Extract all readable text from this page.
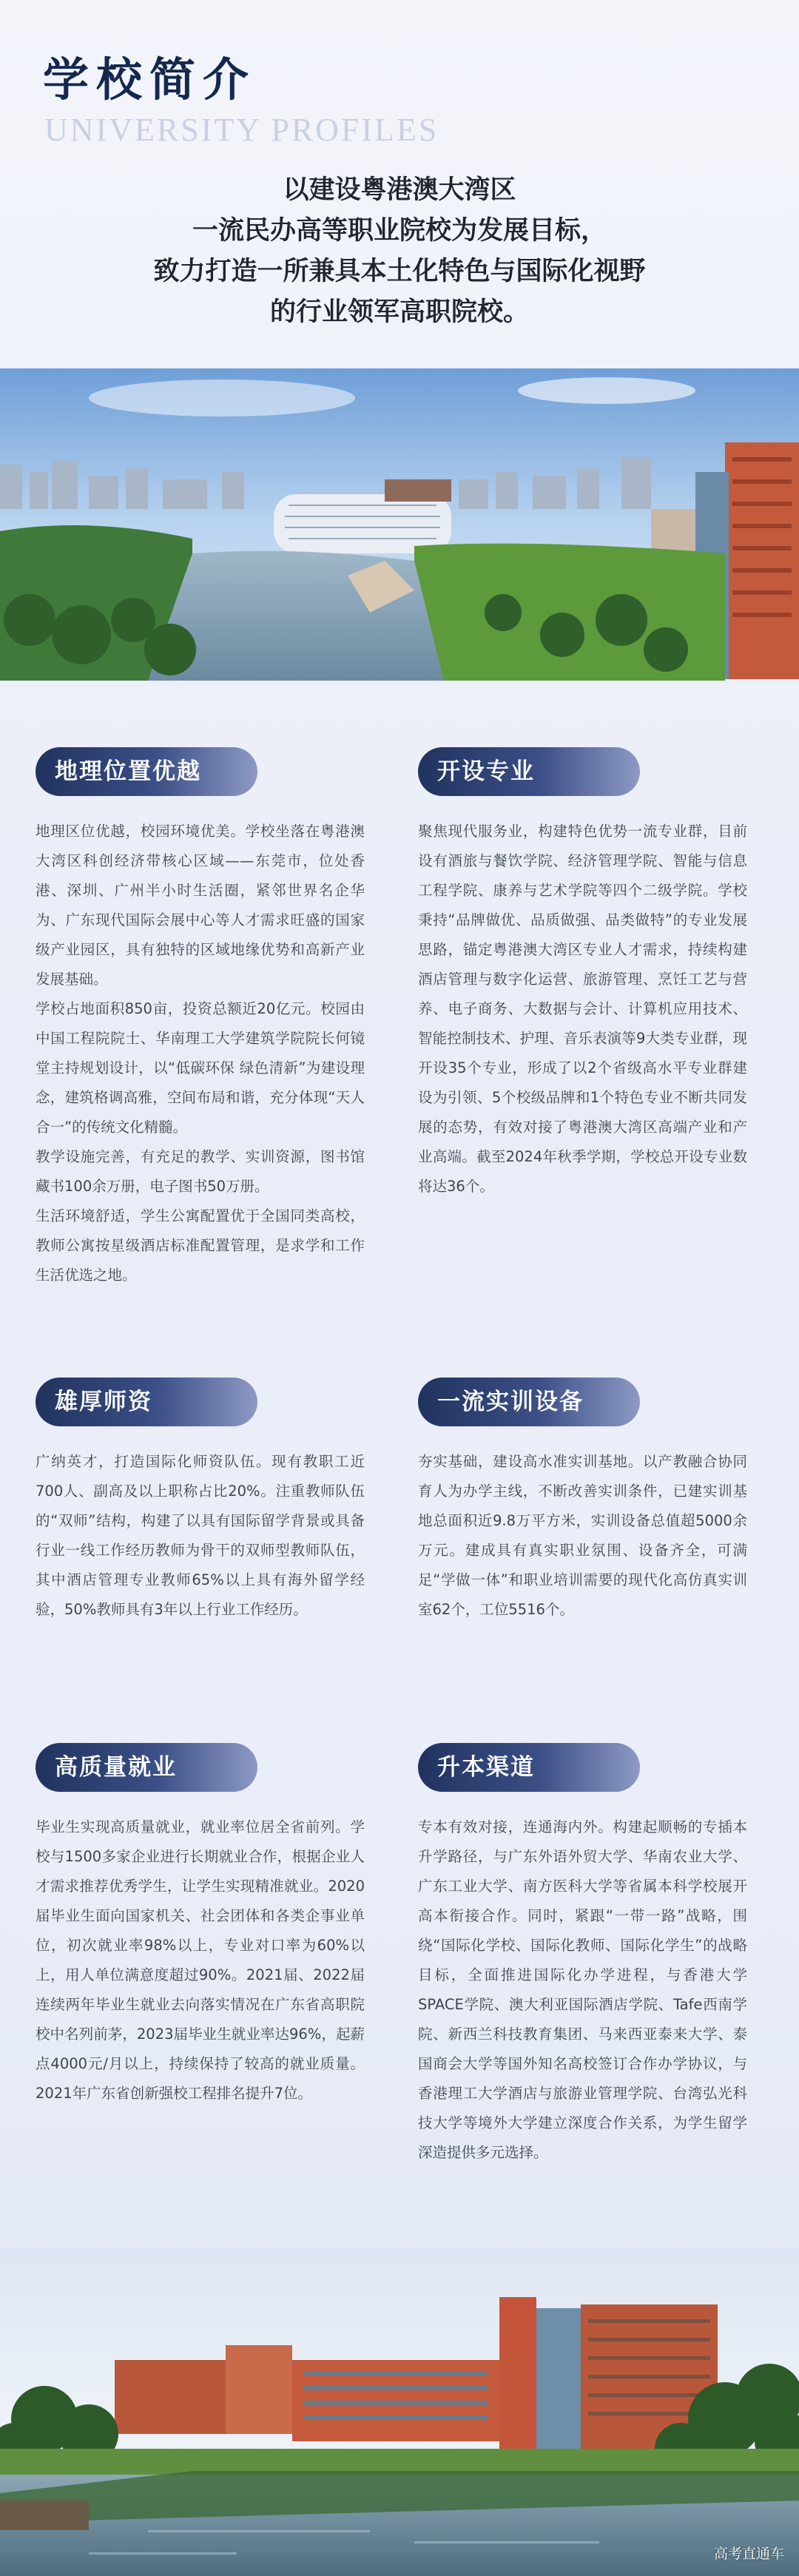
学校简介
UNIVERSITY PROFILES
以建设粤港澳大湾区
一流民办高等职业院校为发展目标，
致力打造一所兼具本土化特色与国际化视野
的行业领军高职院校。
地理位置优越

地理区位优越，校园环境优美。学校坐落在粤港澳大湾区科创经济带核心区域——东莞市，位处香港、深圳、广州半小时生活圈，紧邻世界名企华为、广东现代国际会展中心等人才需求旺盛的国家级产业园区，具有独特的区域地缘优势和高新产业发展基础。

学校占地面积850亩，投资总额近20亿元。校园由中国工程院院士、华南理工大学建筑学院院长何镜堂主持规划设计，以“低碳环保 绿色清新”为建设理念，建筑格调高雅，空间布局和谐，充分体现“天人合一”的传统文化精髓。

教学设施完善，有充足的教学、实训资源，图书馆藏书100余万册，电子图书50万册。

生活环境舒适，学生公寓配置优于全国同类高校，教师公寓按星级酒店标准配置管理，是求学和工作生活优选之地。

雄厚师资

广纳英才，打造国际化师资队伍。现有教职工近700人、副高及以上职称占比20%。注重教师队伍的“双师”结构，构建了以具有国际留学背景或具备行业一线工作经历教师为骨干的双师型教师队伍，其中酒店管理专业教师65%以上具有海外留学经验，50%教师具有3年以上行业工作经历。

高质量就业

毕业生实现高质量就业，就业率位居全省前列。学校与1500多家企业进行长期就业合作，根据企业人才需求推荐优秀学生，让学生实现精准就业。2020届毕业生面向国家机关、社会团体和各类企事业单位，初次就业率98%以上，专业对口率为60%以上，用人单位满意度超过90%。2021届、2022届连续两年毕业生就业去向落实情况在广东省高职院校中名列前茅，2023届毕业生就业率达96%，起薪点4000元/月以上，持续保持了较高的就业质量。2021年广东省创新强校工程排名提升7位。

开设专业

聚焦现代服务业，构建特色优势一流专业群，目前设有酒旅与餐饮学院、经济管理学院、智能与信息工程学院、康养与艺术学院等四个二级学院。学校秉持“品牌做优、品质做强、品类做特”的专业发展思路，锚定粤港澳大湾区专业人才需求，持续构建酒店管理与数字化运营、旅游管理、烹饪工艺与营养、电子商务、大数据与会计、计算机应用技术、智能控制技术、护理、音乐表演等9大类专业群，现开设35个专业，形成了以2个省级高水平专业群建设为引领、5个校级品牌和1个特色专业不断共同发展的态势，有效对接了粤港澳大湾区高端产业和产业高端。截至2024年秋季学期，学校总开设专业数将达36个。

一流实训设备

夯实基础，建设高水准实训基地。以产教融合协同育人为办学主线，不断改善实训条件，已建实训基地总面积近9.8万平方米，实训设备总值超5000余万元。建成具有真实职业氛围、设备齐全，可满足“学做一体”和职业培训需要的现代化高仿真实训室62个，工位5516个。

升本渠道

专本有效对接，连通海内外。构建起顺畅的专插本升学路径，与广东外语外贸大学、华南农业大学、广东工业大学、南方医科大学等省属本科学校展开高本衔接合作。同时，紧跟“一带一路”战略，围绕“国际化学校、国际化教师、国际化学生”的战略目标，全面推进国际化办学进程，与香港大学SPACE学院、澳大利亚国际酒店学院、Tafe西南学院、新西兰科技教育集团、马来西亚泰来大学、泰国商会大学等国外知名高校签订合作办学协议，与香港理工大学酒店与旅游业管理学院、台湾弘光科技大学等境外大学建立深度合作关系，为学生留学深造提供多元选择。

高考直通车
